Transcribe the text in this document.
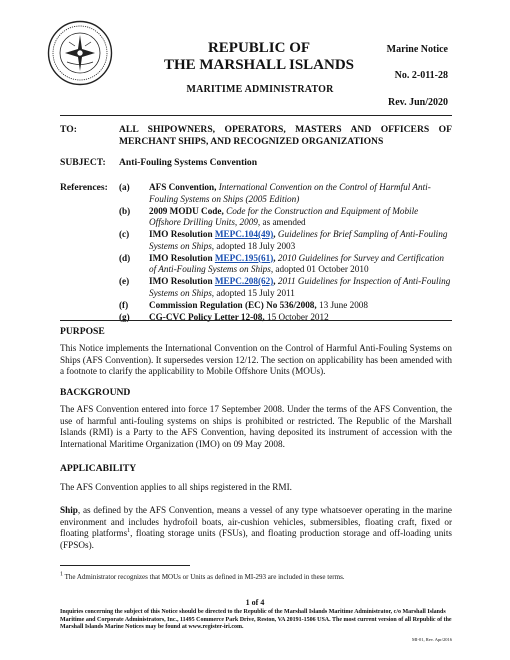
REPUBLIC OF
THE MARSHALL ISLANDS
MARITIME ADMINISTRATOR
Marine Notice
No. 2-011-28
Rev. Jun/2020
TO:	ALL SHIPOWNERS, OPERATORS, MASTERS AND OFFICERS OF MERCHANT SHIPS, AND RECOGNIZED ORGANIZATIONS
SUBJECT: Anti-Fouling Systems Convention
References: (a)	AFS Convention, International Convention on the Control of Harmful Anti-Fouling Systems on Ships (2005 Edition)
(b)	2009 MODU Code, Code for the Construction and Equipment of Mobile Offshore Drilling Units, 2009, as amended
(c)	IMO Resolution MEPC.104(49), Guidelines for Brief Sampling of Anti-Fouling Systems on Ships, adopted 18 July 2003
(d)	IMO Resolution MEPC.195(61), 2010 Guidelines for Survey and Certification of Anti-Fouling Systems on Ships, adopted 01 October 2010
(e)	IMO Resolution MEPC.208(62), 2011 Guidelines for Inspection of Anti-Fouling Systems on Ships, adopted 15 July 2011
(f)	Commission Regulation (EC) No 536/2008, 13 June 2008
(g)	CG-CVC Policy Letter 12-08, 15 October 2012
PURPOSE
This Notice implements the International Convention on the Control of Harmful Anti-Fouling Systems on Ships (AFS Convention). It supersedes version 12/12. The section on applicability has been amended with a footnote to clarify the applicability to Mobile Offshore Units (MOUs).
BACKGROUND
The AFS Convention entered into force 17 September 2008. Under the terms of the AFS Convention, the use of harmful anti-fouling systems on ships is prohibited or restricted. The Republic of the Marshall Islands (RMI) is a Party to the AFS Convention, having deposited its instrument of accession with the International Maritime Organization (IMO) on 09 May 2008.
APPLICABILITY
The AFS Convention applies to all ships registered in the RMI.
Ship, as defined by the AFS Convention, means a vessel of any type whatsoever operating in the marine environment and includes hydrofoil boats, air-cushion vehicles, submersibles, floating craft, fixed or floating platforms$^1$, floating storage units (FSUs), and floating production storage and off-loading units (FPSOs).
1 The Administrator recognizes that MOUs or Units as defined in MI-293 are included in these terms.
1 of 4
Inquiries concerning the subject of this Notice should be directed to the Republic of the Marshall Islands Maritime Administrator, c/o Marshall Islands Maritime and Corporate Administrators, Inc., 11495 Commerce Park Drive, Reston, VA 20191-1506 USA. The most current version of all Republic of the Marshall Islands Marine Notices may be found at www.register-iri.com.
MI-01, Rev. Apr/2016
